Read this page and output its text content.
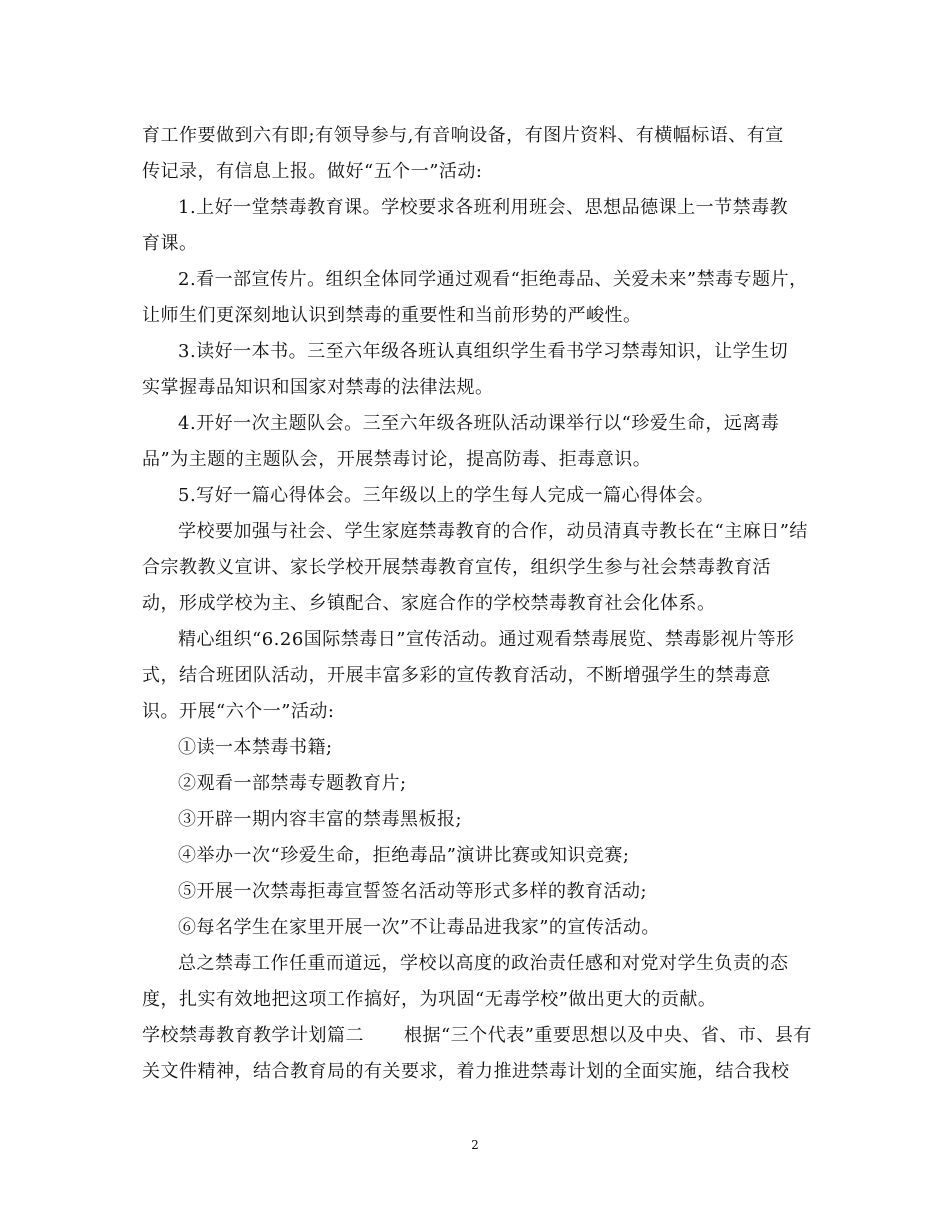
育工作要做到六有即;有领导参与,有音响设备，有图片资料、有横幅标语、有宣
传记录，有信息上报。做好“五个一”活动:
1.上好一堂禁毒教育课。学校要求各班利用班会、思想品德课上一节禁毒教
育课。
2.看一部宣传片。组织全体同学通过观看“拒绝毒品、关爱未来”禁毒专题片，
让师生们更深刻地认识到禁毒的重要性和当前形势的严峻性。
3.读好一本书。三至六年级各班认真组织学生看书学习禁毒知识，让学生切
实掌握毒品知识和国家对禁毒的法律法规。
4.开好一次主题队会。三至六年级各班队活动课举行以“珍爱生命，远离毒
品”为主题的主题队会，开展禁毒讨论，提高防毒、拒毒意识。
5.写好一篇心得体会。三年级以上的学生每人完成一篇心得体会。
学校要加强与社会、学生家庭禁毒教育的合作，动员清真寺教长在“主麻日”结
合宗教教义宣讲、家长学校开展禁毒教育宣传，组织学生参与社会禁毒教育活
动，形成学校为主、乡镇配合、家庭合作的学校禁毒教育社会化体系。
精心组织“6.26国际禁毒日”宣传活动。通过观看禁毒展览、禁毒影视片等形
式，结合班团队活动，开展丰富多彩的宣传教育活动，不断增强学生的禁毒意
识。开展“六个一”活动:
①读一本禁毒书籍;
②观看一部禁毒专题教育片;
③开辟一期内容丰富的禁毒黑板报;
④举办一次“珍爱生命，拒绝毒品”演讲比赛或知识竞赛;
⑤开展一次禁毒拒毒宣誓签名活动等形式多样的教育活动;
⑥每名学生在家里开展一次”不让毒品进我家”的宣传活动。
总之禁毒工作任重而道远，学校以高度的政治责任感和对党对学生负责的态
度，扎实有效地把这项工作搞好，为巩固“无毒学校”做出更大的贡献。
学校禁毒教育教学计划篇二 根据“三个代表”重要思想以及中央、省、市、县有
关文件精神，结合教育局的有关要求，着力推进禁毒计划的全面实施，结合我校
2
